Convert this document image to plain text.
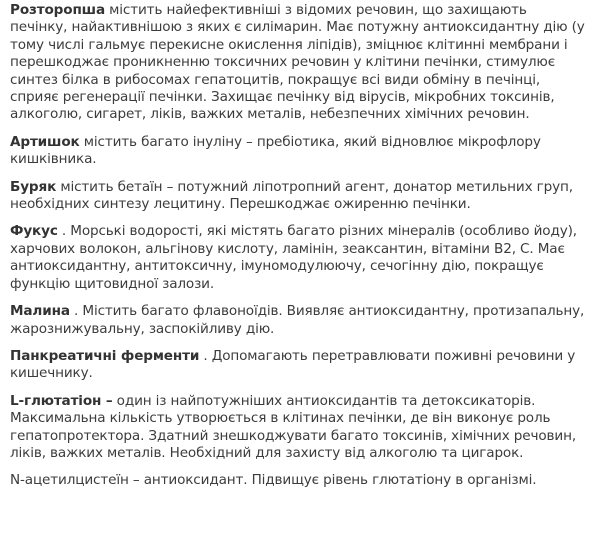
Розторопша містить найефективніші з відомих речовин, що захищають печінку, найактивнішою з яких є силімарин. Має потужну антиоксидантну дію (у тому числі гальмує перекисне окислення ліпідів), зміцнює клітинні мембрани і перешкоджає проникненню токсичних речовин у клітини печінки, стимулює синтез білка в рибосомах гепатоцитів, покращує всі види обміну в печінці, сприяє регенерації печінки. Захищає печінку від вірусів, мікробних токсинів, алкоголю, сигарет, ліків, важких металів, небезпечних хімічних речовин.

Артишок містить багато інуліну – пребіотика, який відновлює мікрофлору кишківника.

Буряк містить бетаїн – потужний ліпотропний агент, донатор метильних груп, необхідних синтезу лецитину. Перешкоджає ожиренню печінки.

Фукус . Морські водорості, які містять багато різних мінералів (особливо йоду), харчових волокон, альгінову кислоту, ламінін, зеаксантин, вітаміни В2, С. Має антиоксидантну, антитоксичну, імуномодулюючу, сечогінну дію, покращує функцію щитовидної залози.

Малина . Містить багато флавоноїдів. Виявляє антиоксидантну, протизапальну, жарознижувальну, заспокійливу дію.

Панкреатичні ферменти . Допомагають перетравлювати поживні речовини у кишечнику.

L-глютатіон – один із найпотужніших антиоксидантів та детоксикаторів. Максимальна кількість утворюється в клітинах печінки, де він виконує роль гепатопротектора. Здатний знешкоджувати багато токсинів, хімічних речовин, ліків, важких металів. Необхідний для захисту від алкоголю та цигарок.

N-ацетилцистеїн – антиоксидант. Підвищує рівень глютатіону в організмі.
